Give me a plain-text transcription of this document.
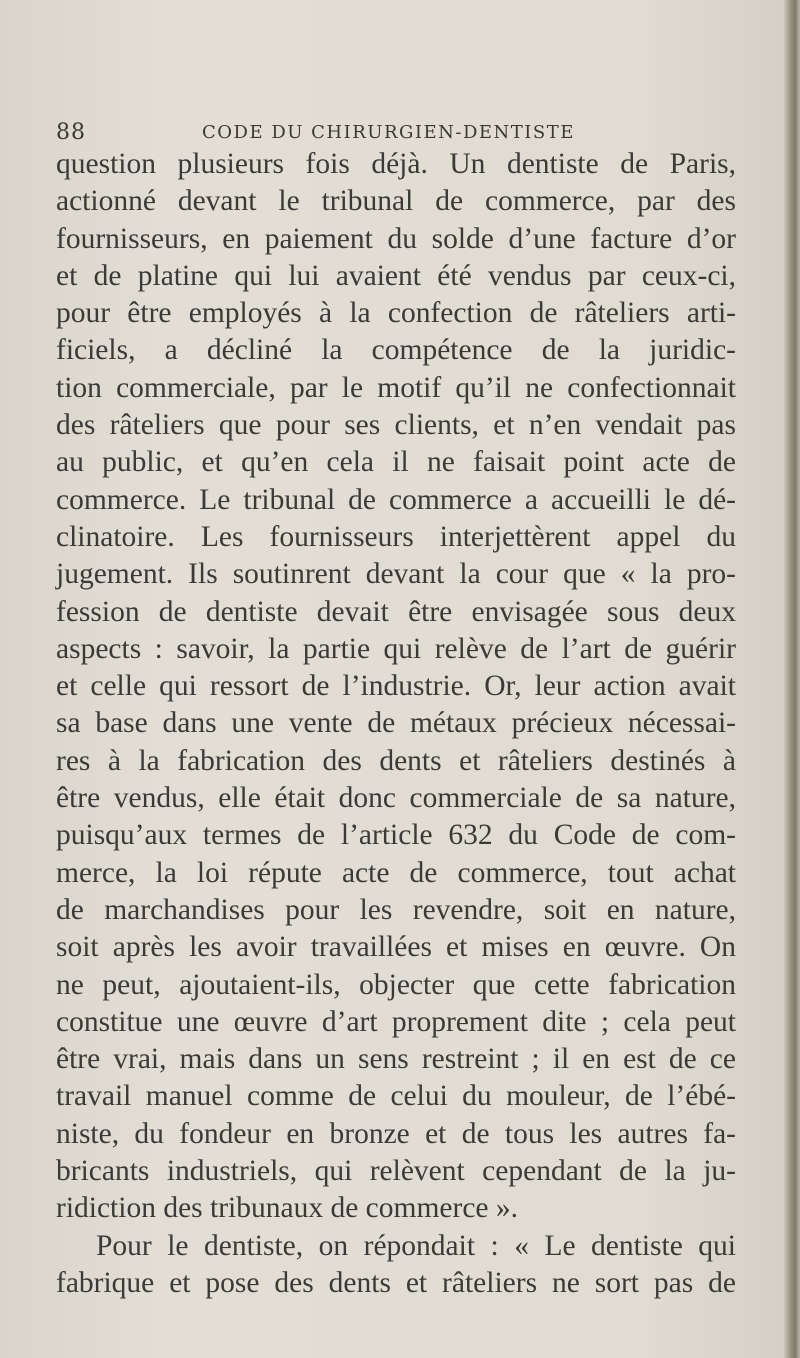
88	CODE DU CHIRURGIEN-DENTISTE
question plusieurs fois déjà. Un dentiste de Paris,
actionné devant le tribunal de commerce, par des
fournisseurs, en paiement du solde d’une facture d’or
et de platine qui lui avaient été vendus par ceux-ci,
pour être employés à la confection de râteliers arti-
ficiels, a décliné la compétence de la juridic-
tion commerciale, par le motif qu’il ne confectionnait
des râteliers que pour ses clients, et n’en vendait pas
au public, et qu’en cela il ne faisait point acte de
commerce. Le tribunal de commerce a accueilli le dé-
clinatoire. Les fournisseurs interjettèrent appel du
jugement. Ils soutinrent devant la cour que « la pro-
fession de dentiste devait être envisagée sous deux
aspects : savoir, la partie qui relève de l’art de guérir
et celle qui ressort de l’industrie. Or, leur action avait
sa base dans une vente de métaux précieux nécessai-
res à la fabrication des dents et râteliers destinés à
être vendus, elle était donc commerciale de sa nature,
puisqu’aux termes de l’article 632 du Code de com-
merce, la loi répute acte de commerce, tout achat
de marchandises pour les revendre, soit en nature,
soit après les avoir travaillées et mises en œuvre. On
ne peut, ajoutaient-ils, objecter que cette fabrication
constitue une œuvre d’art proprement dite ; cela peut
être vrai, mais dans un sens restreint ; il en est de ce
travail manuel comme de celui du mouleur, de l’ébé-
niste, du fondeur en bronze et de tous les autres fa-
bricants industriels, qui relèvent cependant de la ju-
ridiction des tribunaux de commerce ».
Pour le dentiste, on répondait : « Le dentiste qui
fabrique et pose des dents et râteliers ne sort pas de
